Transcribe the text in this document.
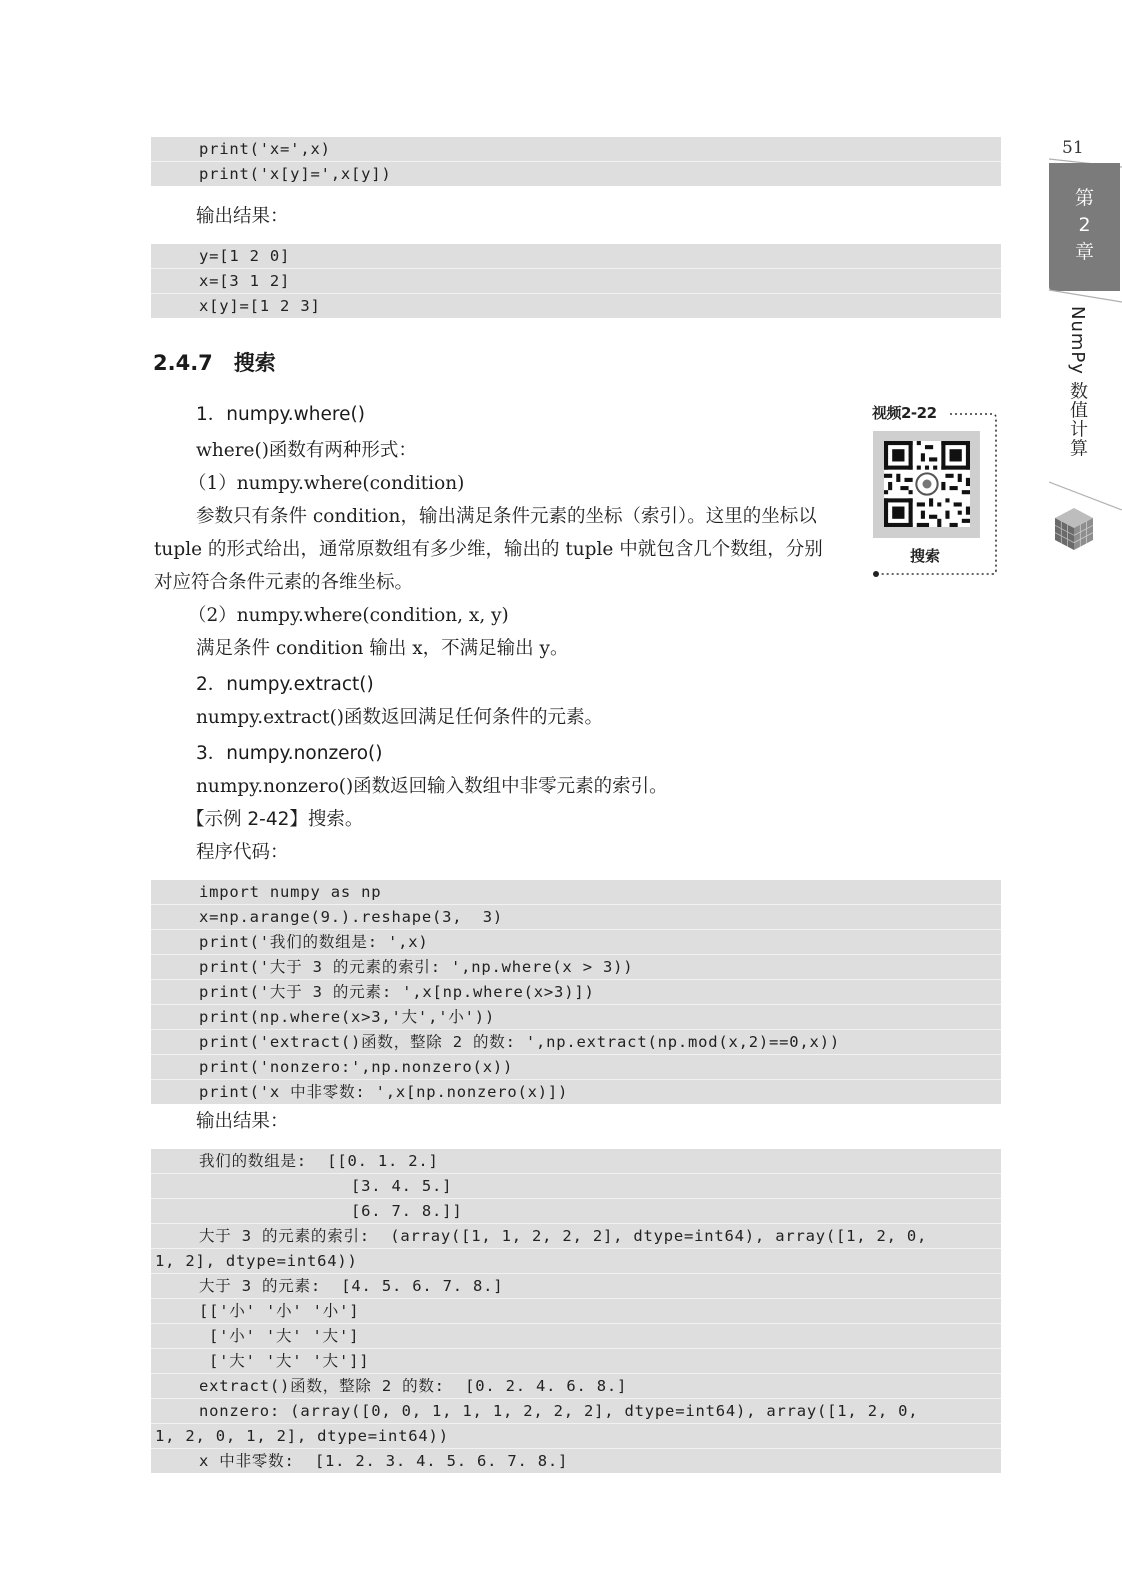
51
第
2
章
NumPy 数值计算
print('x=',x)
print('x[y]=',x[y])
输出结果：
y=[1 2 0]
x=[3 1 2]
x[y]=[1 2 3]
2.4.7　搜索
1．numpy.where()
where()函数有两种形式：
（1）numpy.where(condition)
参数只有条件 condition，输出满足条件元素的坐标（索引）。这里的坐标以
tuple 的形式给出，通常原数组有多少维，输出的 tuple 中就包含几个数组，分别
对应符合条件元素的各维坐标。
（2）numpy.where(condition, x, y)
满足条件 condition 输出 x，不满足输出 y。
视频2-22
搜索
2．numpy.extract()
numpy.extract()函数返回满足任何条件的元素。
3．numpy.nonzero()
numpy.nonzero()函数返回输入数组中非零元素的索引。
【示例 2-42】搜索。
程序代码：
import numpy as np
x=np.arange(9.).reshape(3,  3)
print('我们的数组是: ',x)
print('大于 3 的元素的索引: ',np.where(x > 3))
print('大于 3 的元素: ',x[np.where(x>3)])
print(np.where(x>3,'大','小'))
print('extract()函数，整除 2 的数: ',np.extract(np.mod(x,2)==0,x))
print('nonzero:',np.nonzero(x))
print('x 中非零数: ',x[np.nonzero(x)])
输出结果：
我们的数组是:  [[0. 1. 2.]
[3. 4. 5.]
[6. 7. 8.]]
大于 3 的元素的索引:  (array([1, 1, 2, 2, 2], dtype=int64), array([1, 2, 0,
1, 2], dtype=int64))
大于 3 的元素:  [4. 5. 6. 7. 8.]
[['小' '小' '小']
['小' '大' '大']
['大' '大' '大']]
extract()函数，整除 2 的数:  [0. 2. 4. 6. 8.]
nonzero: (array([0, 0, 1, 1, 1, 2, 2, 2], dtype=int64), array([1, 2, 0,
1, 2, 0, 1, 2], dtype=int64))
x 中非零数:  [1. 2. 3. 4. 5. 6. 7. 8.]
